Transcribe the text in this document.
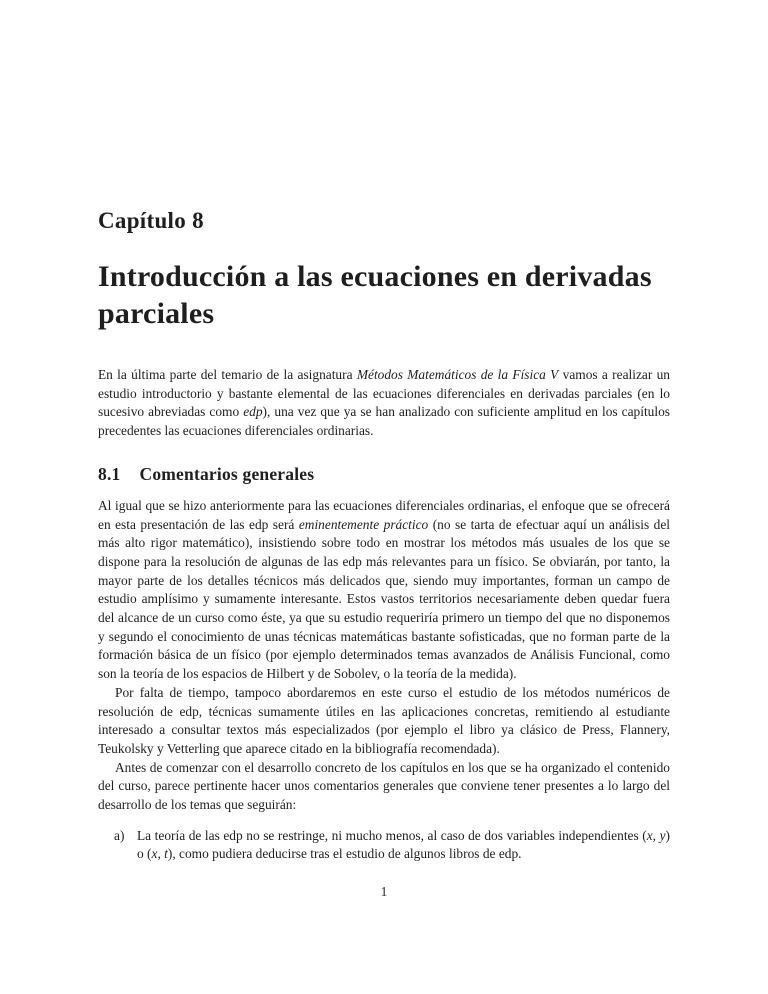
Capítulo 8
Introducción a las ecuaciones en derivadas parciales

En la última parte del temario de la asignatura Métodos Matemáticos de la Física V vamos a realizar un estudio introductorio y bastante elemental de las ecuaciones diferenciales en derivadas parciales (en lo sucesivo abreviadas como edp), una vez que ya se han analizado con suficiente amplitud en los capítulos precedentes las ecuaciones diferenciales ordinarias.

8.1 Comentarios generales

Al igual que se hizo anteriormente para las ecuaciones diferenciales ordinarias, el enfoque que se ofrecerá en esta presentación de las edp será eminentemente práctico (no se tarta de efectuar aquí un análisis del más alto rigor matemático), insistiendo sobre todo en mostrar los métodos más usuales de los que se dispone para la resolución de algunas de las edp más relevantes para un físico. Se obviarán, por tanto, la mayor parte de los detalles técnicos más delicados que, siendo muy importantes, forman un campo de estudio amplísimo y sumamente interesante. Estos vastos territorios necesariamente deben quedar fuera del alcance de un curso como éste, ya que su estudio requeriría primero un tiempo del que no disponemos y segundo el conocimiento de unas técnicas matemáticas bastante sofisticadas, que no forman parte de la formación básica de un físico (por ejemplo determinados temas avanzados de Análisis Funcional, como son la teoría de los espacios de Hilbert y de Sobolev, o la teoría de la medida).

Por falta de tiempo, tampoco abordaremos en este curso el estudio de los métodos numéricos de resolución de edp, técnicas sumamente útiles en las aplicaciones concretas, remitiendo al estudiante interesado a consultar textos más especializados (por ejemplo el libro ya clásico de Press, Flannery, Teukolsky y Vetterling que aparece citado en la bibliografía recomendada).

Antes de comenzar con el desarrollo concreto de los capítulos en los que se ha organizado el contenido del curso, parece pertinente hacer unos comentarios generales que conviene tener presentes a lo largo del desarrollo de los temas que seguirán:

a) La teoría de las edp no se restringe, ni mucho menos, al caso de dos variables independientes (x, y) o (x, t), como pudiera deducirse tras el estudio de algunos libros de edp.

1
